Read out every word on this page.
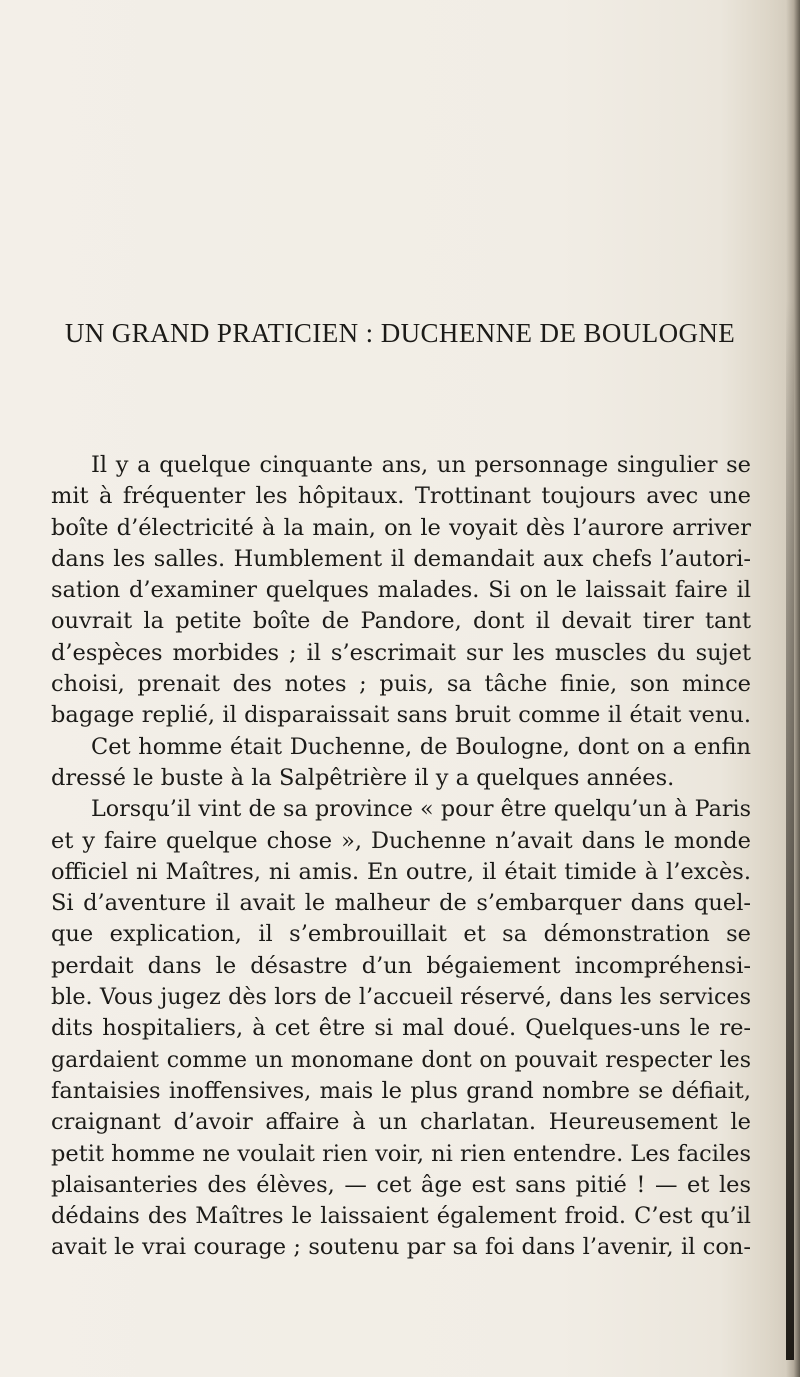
UN GRAND PRATICIEN : DUCHENNE DE BOULOGNE
Il y a quelque cinquante ans, un personnage singulier se
mit à fréquenter les hôpitaux. Trottinant toujours avec une
boîte d’électricité à la main, on le voyait dès l’aurore arriver
dans les salles. Humblement il demandait aux chefs l’autori-
sation d’examiner quelques malades. Si on le laissait faire il
ouvrait la petite boîte de Pandore, dont il devait tirer tant
d’espèces morbides ; il s’escrimait sur les muscles du sujet
choisi, prenait des notes ; puis, sa tâche finie, son mince
bagage replié, il disparaissait sans bruit comme il était venu.
Cet homme était Duchenne, de Boulogne, dont on a enfin
dressé le buste à la Salpêtrière il y a quelques années.
Lorsqu’il vint de sa province « pour être quelqu’un à Paris
et y faire quelque chose », Duchenne n’avait dans le monde
officiel ni Maîtres, ni amis. En outre, il était timide à l’excès.
Si d’aventure il avait le malheur de s’embarquer dans quel-
que explication, il s’embrouillait et sa démonstration se
perdait dans le désastre d’un bégaiement incompréhensi-
ble. Vous jugez dès lors de l’accueil réservé, dans les services
dits hospitaliers, à cet être si mal doué. Quelques-uns le re-
gardaient comme un monomane dont on pouvait respecter les
fantaisies inoffensives, mais le plus grand nombre se défiait,
craignant d’avoir affaire à un charlatan. Heureusement le
petit homme ne voulait rien voir, ni rien entendre. Les faciles
plaisanteries des élèves, — cet âge est sans pitié ! — et les
dédains des Maîtres le laissaient également froid. C’est qu’il
avait le vrai courage ; soutenu par sa foi dans l’avenir, il con-
